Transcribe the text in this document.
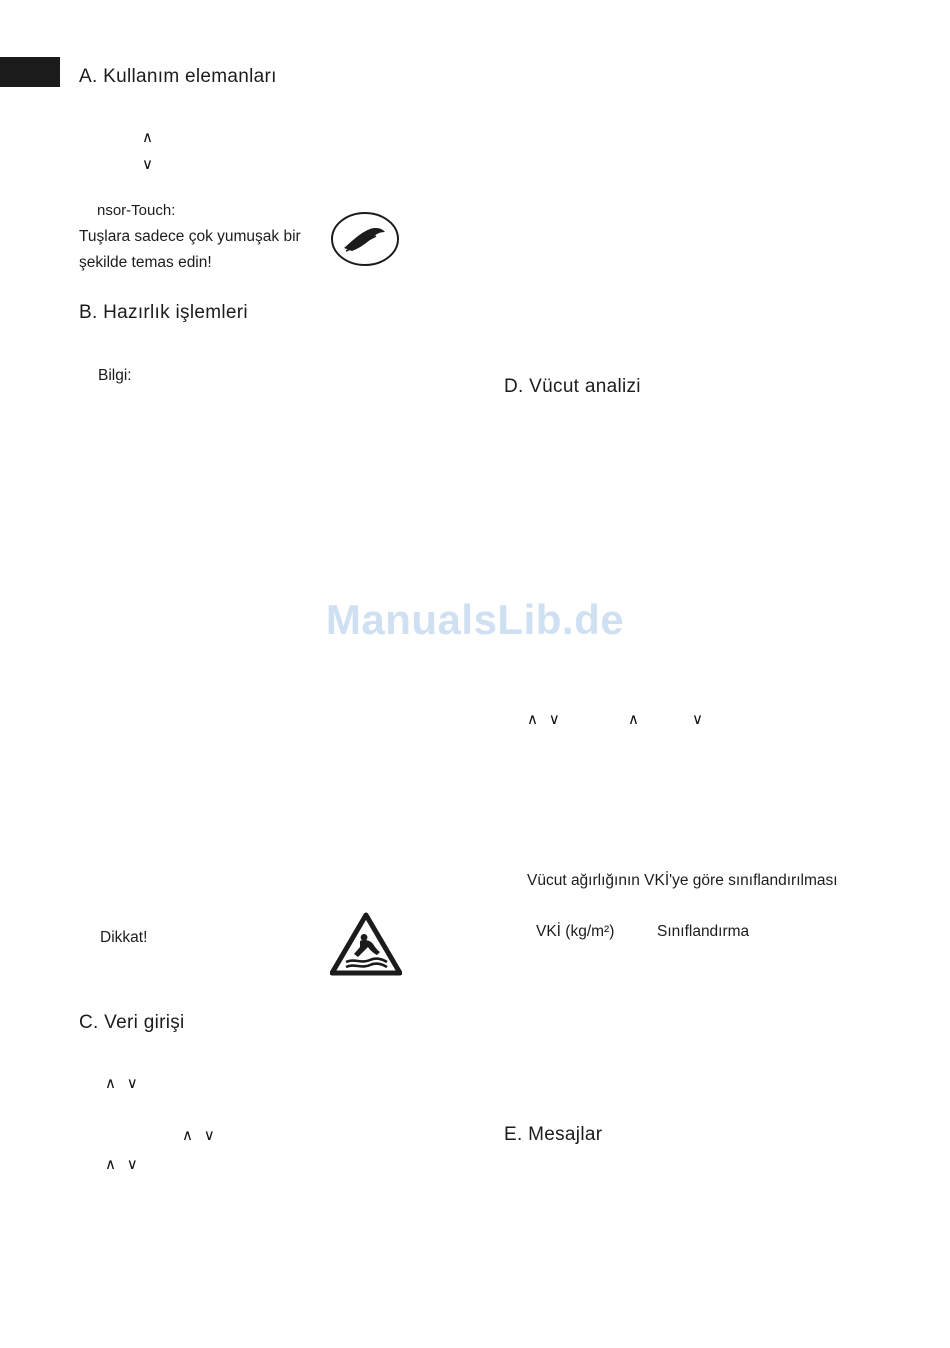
A. Kullanım elemanları
∧
∨
nsor-Touch:
Tuşlara sadece çok yumuşak bir
şekilde temas edin!
B. Hazırlık işlemleri
Bilgi:
D. Vücut analizi
ManualsLib.de
∧ ∨	∧	∨
Vücut ağırlığının VKİ'ye göre sınıflandırılması
VKİ (kg/m²)	Sınıflandırma
Dikkat!
C. Veri girişi
∧ ∨
∧ ∨
∧ ∨
E. Mesajlar
